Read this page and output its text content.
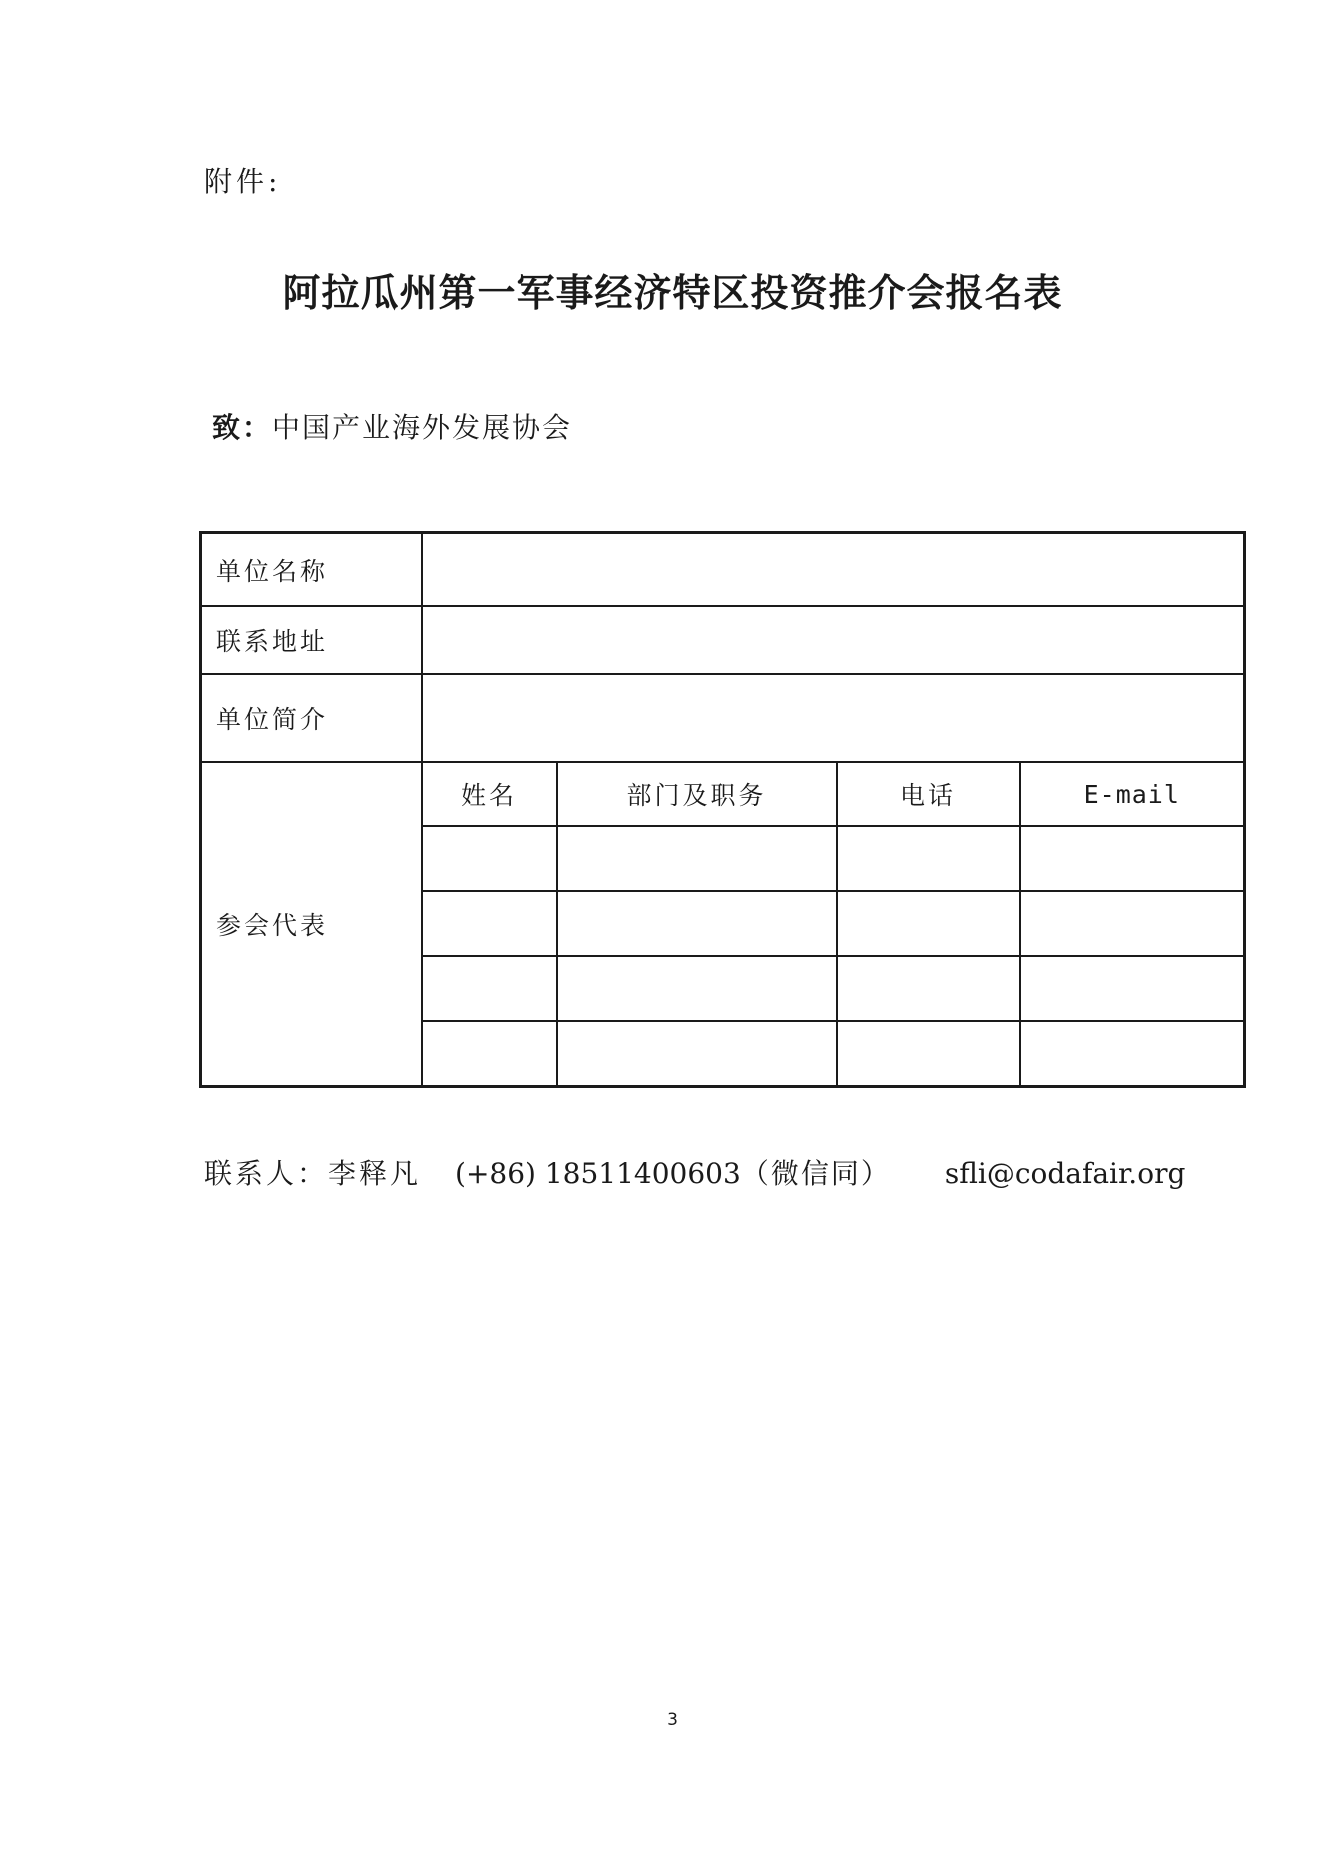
附件:
阿拉瓜州第一军事经济特区投资推介会报名表
致：中国产业海外发展协会
单位名称				
联系地址				
单位简介				
参会代表	姓名	部门及职务	电话	E-mail

联系人：李释凡 (+86) 18511400603（微信同） sfli@codafair.org
3
